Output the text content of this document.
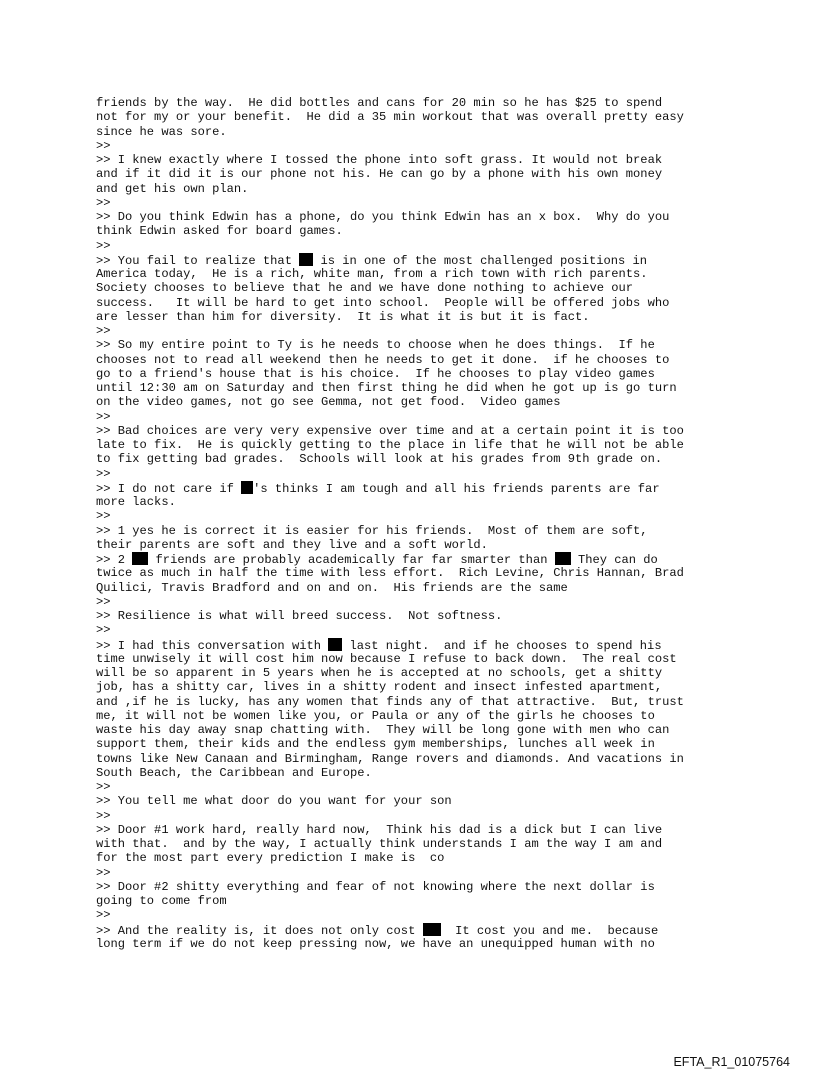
friends by the way.  He did bottles and cans for 20 min so he has $25 to spend
not for my or your benefit.  He did a 35 min workout that was overall pretty easy
since he was sore.
>>
>> I knew exactly where I tossed the phone into soft grass. It would not break
and if it did it is our phone not his. He can go by a phone with his own money
and get his own plan.
>>
>> Do you think Edwin has a phone, do you think Edwin has an x box.  Why do you
think Edwin asked for board games.
>>
>> You fail to realize that  is in one of the most challenged positions in
America today,  He is a rich, white man, from a rich town with rich parents.
Society chooses to believe that he and we have done nothing to achieve our
success.   It will be hard to get into school.  People will be offered jobs who
are lesser than him for diversity.  It is what it is but it is fact.
>>
>> So my entire point to Ty is he needs to choose when he does things.  If he
chooses not to read all weekend then he needs to get it done.  if he chooses to
go to a friend's house that is his choice.  If he chooses to play video games
until 12:30 am on Saturday and then first thing he did when he got up is go turn
on the video games, not go see Gemma, not get food.  Video games
>>
>> Bad choices are very very expensive over time and at a certain point it is too
late to fix.  He is quickly getting to the place in life that he will not be able
to fix getting bad grades.  Schools will look at his grades from 9th grade on.
>>
>> I do not care if 's thinks I am tough and all his friends parents are far
more lacks.
>>
>> 1 yes he is correct it is easier for his friends.  Most of them are soft,
their parents are soft and they live and a soft world.
>> 2  friends are probably academically far far smarter than  They can do
twice as much in half the time with less effort.  Rich Levine, Chris Hannan, Brad
Quilici, Travis Bradford and on and on.  His friends are the same
>>
>> Resilience is what will breed success.  Not softness.
>>
>> I had this conversation with  last night.  and if he chooses to spend his
time unwisely it will cost him now because I refuse to back down.  The real cost
will be so apparent in 5 years when he is accepted at no schools, get a shitty
job, has a shitty car, lives in a shitty rodent and insect infested apartment,
and ,if he is lucky, has any women that finds any of that attractive.  But, trust
me, it will not be women like you, or Paula or any of the girls he chooses to
waste his day away snap chatting with.  They will be long gone with men who can
support them, their kids and the endless gym memberships, lunches all week in
towns like New Canaan and Birmingham, Range rovers and diamonds. And vacations in
South Beach, the Caribbean and Europe.
>>
>> You tell me what door do you want for your son
>>
>> Door #1 work hard, really hard now,  Think his dad is a dick but I can live
with that.  and by the way, I actually think understands I am the way I am and
for the most part every prediction I make is  co
>>
>> Door #2 shitty everything and fear of not knowing where the next dollar is
going to come from
>>
>> And the reality is, it does not only cost   It cost you and me.  because
long term if we do not keep pressing now, we have an unequipped human with no
EFTA_R1_01075764
